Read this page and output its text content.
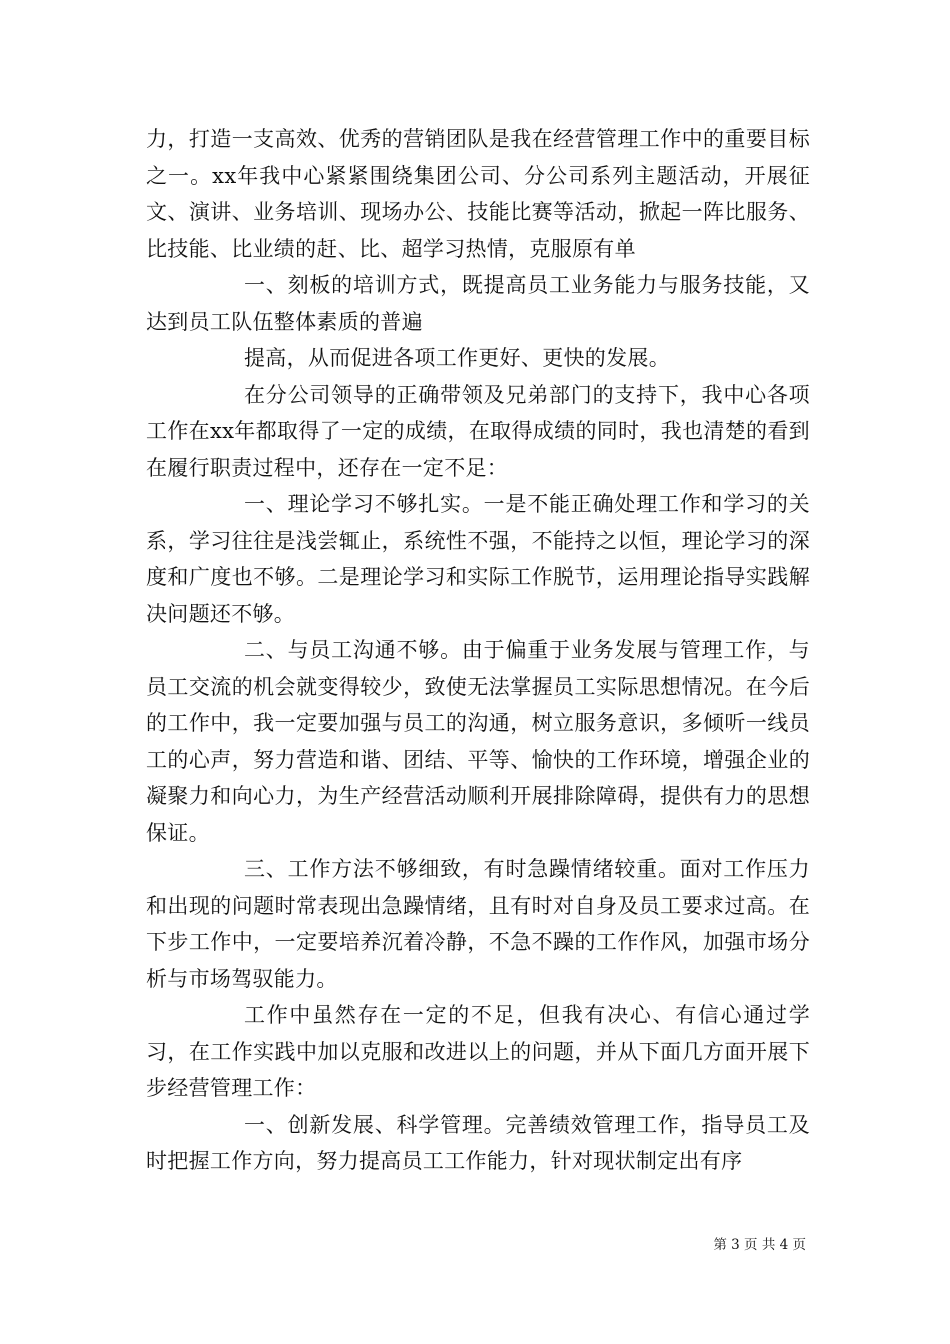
力，打造一支高效、优秀的营销团队是我在经营管理工作中的重要目标之一。xx年我中心紧紧围绕集团公司、分公司系列主题活动，开展征文、演讲、业务培训、现场办公、技能比赛等活动，掀起一阵比服务、比技能、比业绩的赶、比、超学习热情，克服原有单

一、刻板的培训方式，既提高员工业务能力与服务技能，又达到员工队伍整体素质的普遍

提高，从而促进各项工作更好、更快的发展。

在分公司领导的正确带领及兄弟部门的支持下，我中心各项工作在xx年都取得了一定的成绩，在取得成绩的同时，我也清楚的看到在履行职责过程中，还存在一定不足：

一、理论学习不够扎实。一是不能正确处理工作和学习的关系，学习往往是浅尝辄止，系统性不强，不能持之以恒，理论学习的深度和广度也不够。二是理论学习和实际工作脱节，运用理论指导实践解决问题还不够。

二、与员工沟通不够。由于偏重于业务发展与管理工作，与员工交流的机会就变得较少，致使无法掌握员工实际思想情况。在今后的工作中，我一定要加强与员工的沟通，树立服务意识，多倾听一线员工的心声，努力营造和谐、团结、平等、愉快的工作环境，增强企业的凝聚力和向心力，为生产经营活动顺利开展排除障碍，提供有力的思想保证。

三、工作方法不够细致，有时急躁情绪较重。面对工作压力和出现的问题时常表现出急躁情绪，且有时对自身及员工要求过高。在下步工作中，一定要培养沉着冷静，不急不躁的工作作风，加强市场分析与市场驾驭能力。

工作中虽然存在一定的不足，但我有决心、有信心通过学习，在工作实践中加以克服和改进以上的问题，并从下面几方面开展下步经营管理工作：

一、创新发展、科学管理。完善绩效管理工作，指导员工及时把握工作方向，努力提高员工工作能力，针对现状制定出有序

第 3 页 共 4 页
